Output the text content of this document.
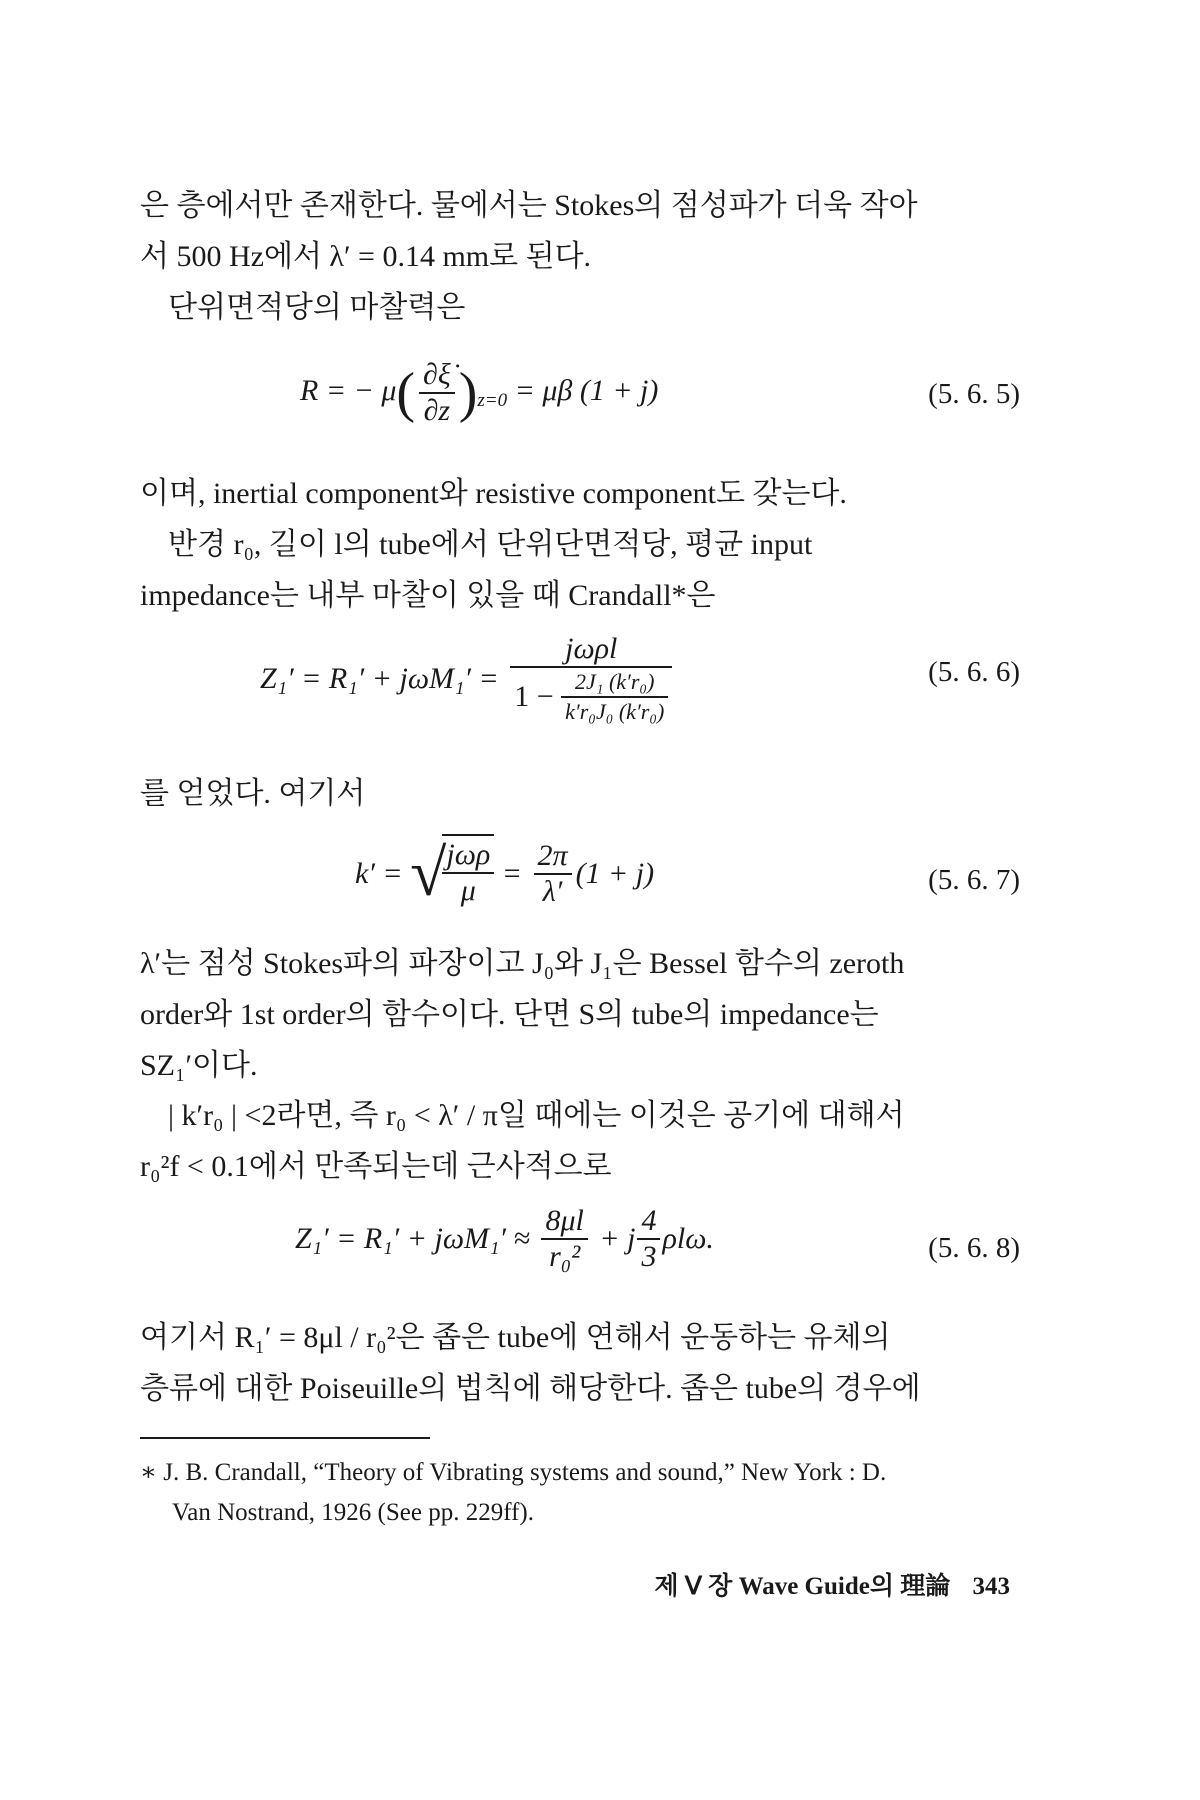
은 층에서만 존재한다. 물에서는 Stokes의 점성파가 더욱 작아
서 500 Hz에서 λ′ = 0.14 mm로 된다.
단위면적당의 마찰력은
R = − $\mu( \frac{\partial\xi̇}{\partial z} )_{z=0} = \mu\beta$ (1 + j)	(5. 6. 5)
이며, inertial component와 resistive component도 갖는다.
반경 r₀, 길이 l의 tube에서 단위단면적당, 평균 input
impedance는 내부 마찰이 있을 때 Crandall*은
Z₁′ = R₁′ + jωM₁′ =
jωρl
$1 - \frac{\text{2J₁ (k′r₀)}}{\text{k′r₀J₀ (k′r₀)}}$	(5. 6. 6)
를 얻었다. 여기서
k′ = √
$\frac{\text{jωρ}}{\mu} = \frac{2\pi}{\lambda'} (1 + j)$	(5. 6. 7)
λ′는 점성 Stokes파의 파장이고 J₀와 J₁은 Bessel 함수의 zeroth
order와 1st order의 함수이다. 단면 S의 tube의 impedance는
SZ₁′이다.
| k′r₀ | <2라면, 즉 r₀ < λ′ / π일 때에는 이것은 공기에 대해서
r₀²f < 0.1에서 만족되는데 근사적으로
$Z_1' = R_1' + j\omega M_1' \approx \frac{8\mu l}{\text{r₀²}} + j \frac{4}{3} \rho l\omega$.	(5. 6. 8)
여기서 R₁′ = 8μl / r₀²은 좁은 tube에 연해서 운동하는 유체의
층류에 대한 Poiseuille의 법칙에 해당한다. 좁은 tube의 경우에
∗ J. B. Crandall, “Theory of Vibrating systems and sound,” New York : D.
Van Nostrand, 1926 (See pp. 229ff).
제 Ⅴ 장 Wave Guide의 理論 343
